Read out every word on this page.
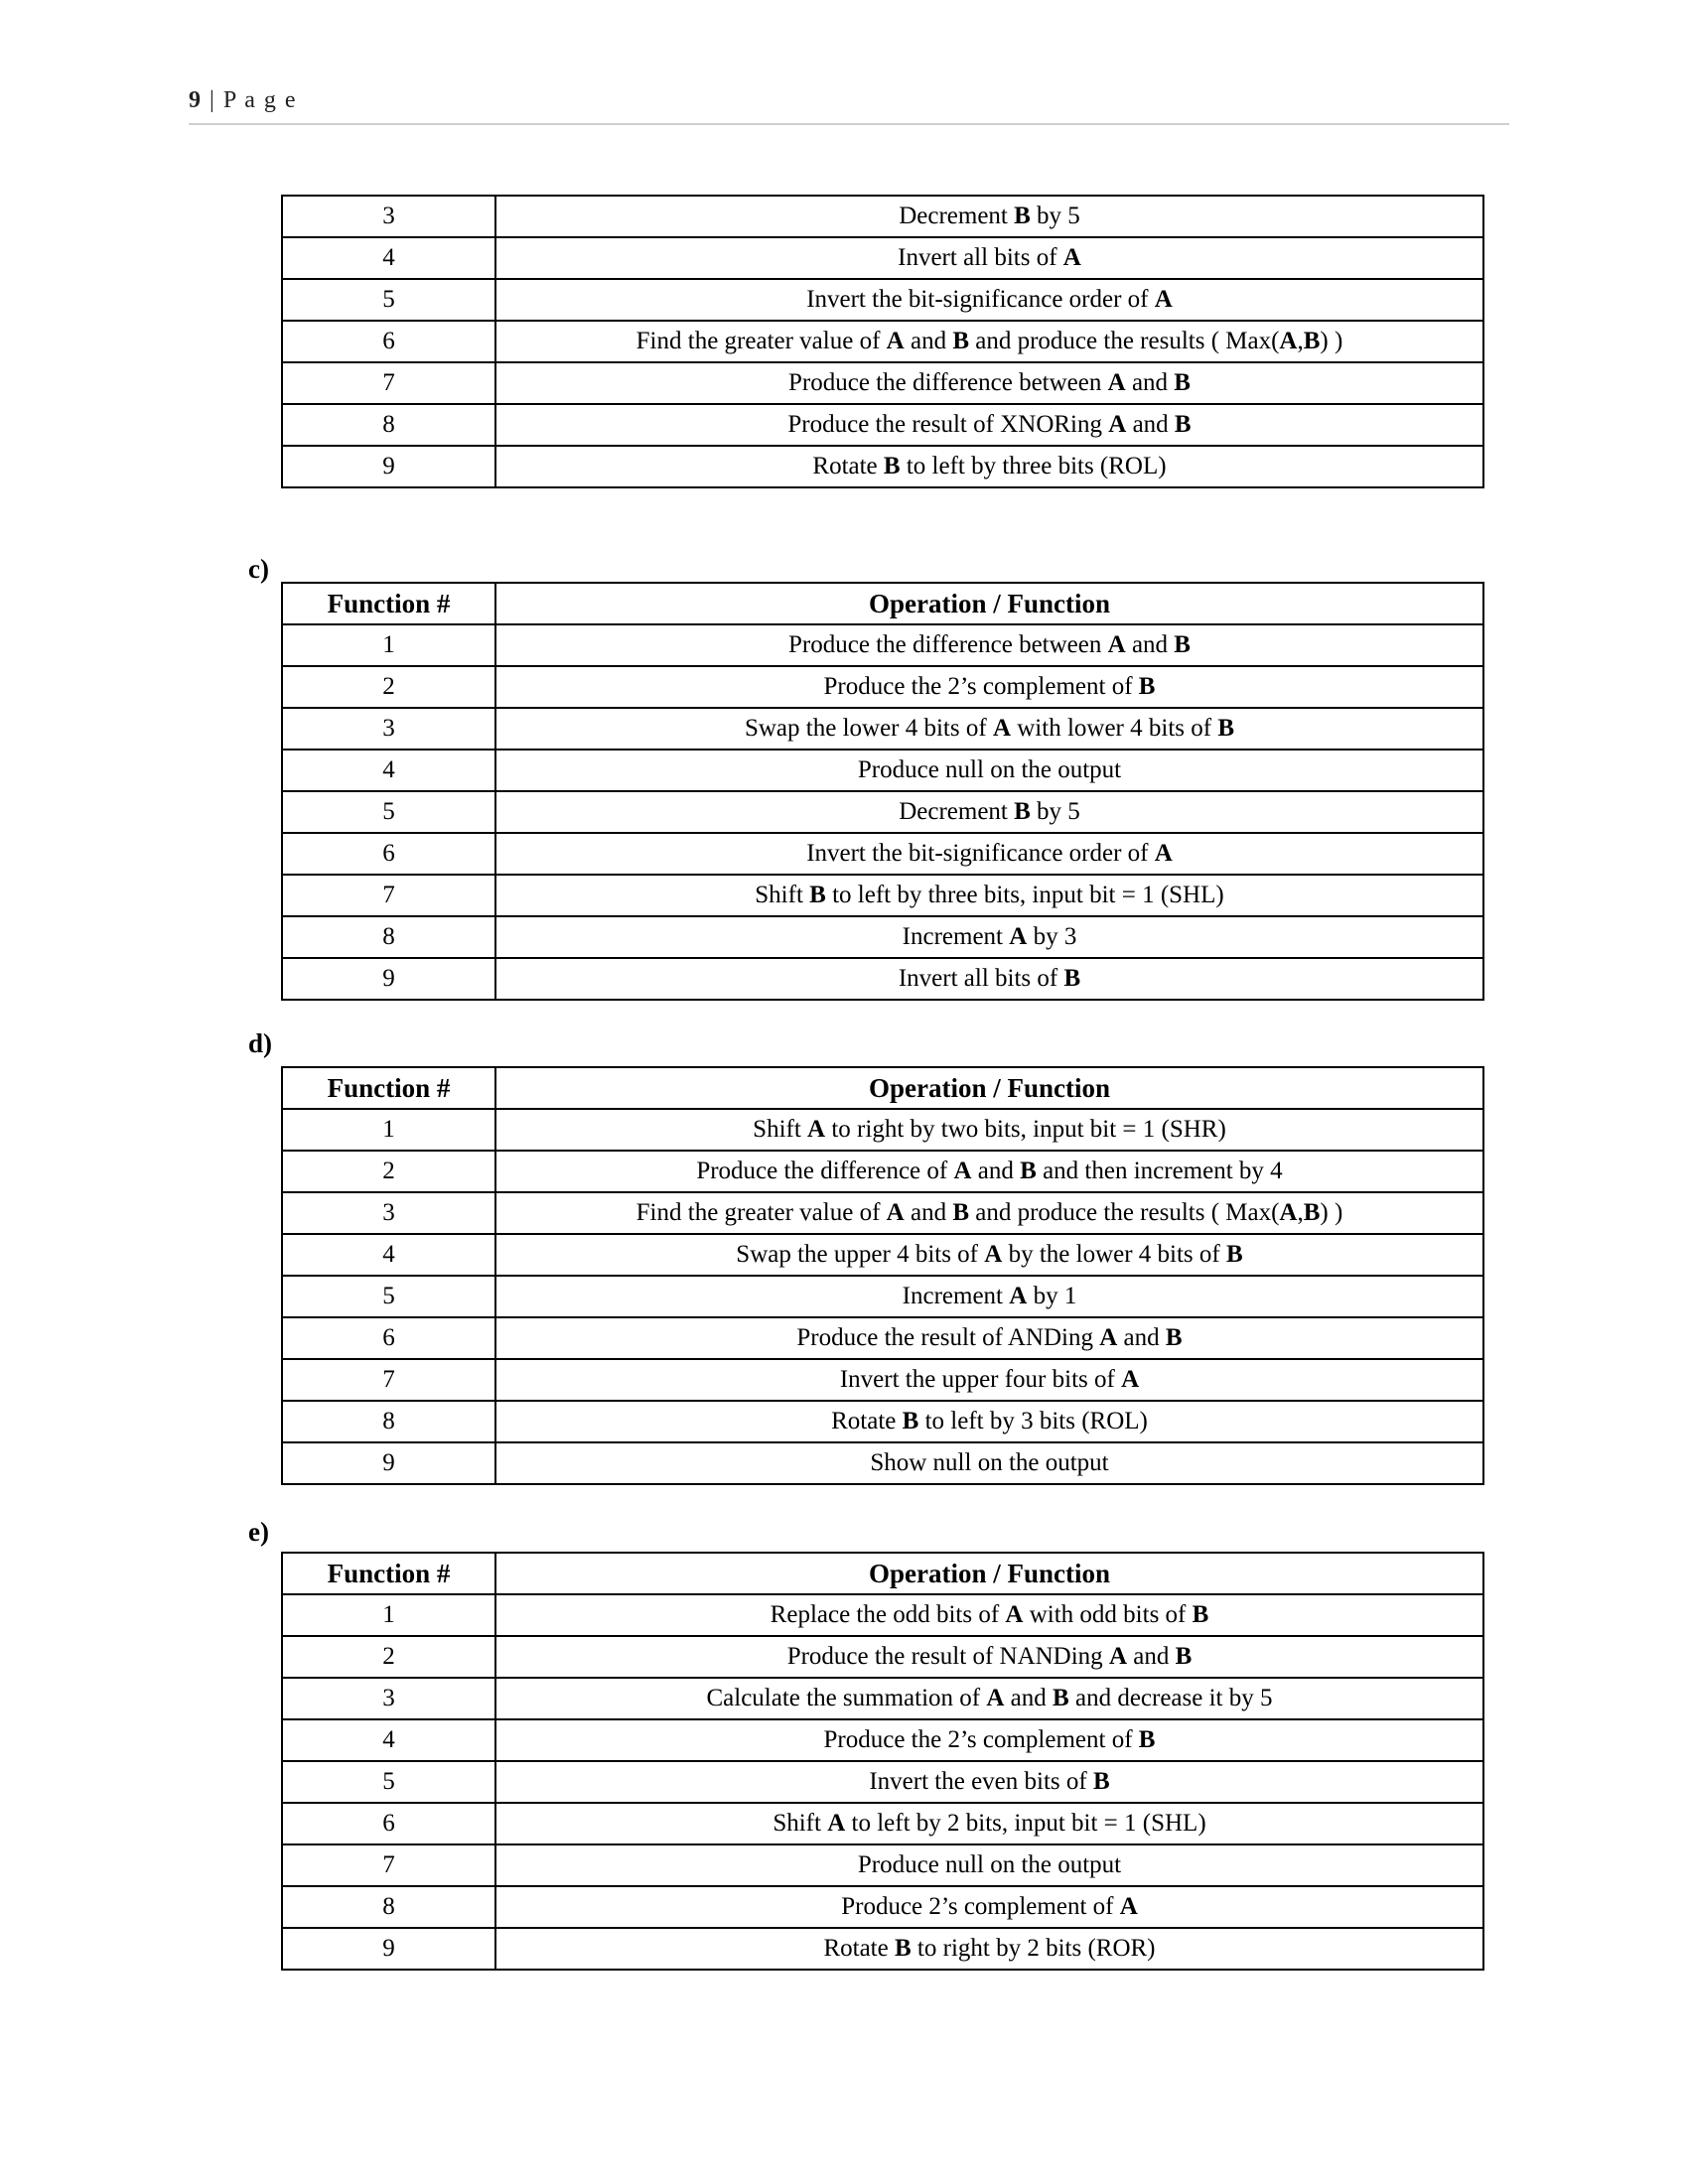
9 | P a g e
c)
d)
e)
3	Decrement B by 5
4	Invert all bits of A
5	Invert the bit-significance order of A
6	Find the greater value of A and B and produce the results ( Max(A,B) )
7	Produce the difference between A and B
8	Produce the result of XNORing A and B
9	Rotate B to left by three bits (ROL)
Function #	Operation / Function
1	Produce the difference between A and B
2	Produce the 2’s complement of B
3	Swap the lower 4 bits of A with lower 4 bits of B
4	Produce null on the output
5	Decrement B by 5
6	Invert the bit-significance order of A
7	Shift B to left by three bits, input bit = 1 (SHL)
8	Increment A by 3
9	Invert all bits of B
Function #	Operation / Function
1	Shift A to right by two bits, input bit = 1 (SHR)
2	Produce the difference of A and B and then increment by 4
3	Find the greater value of A and B and produce the results ( Max(A,B) )
4	Swap the upper 4 bits of A by the lower 4 bits of B
5	Increment A by 1
6	Produce the result of ANDing A and B
7	Invert the upper four bits of A
8	Rotate B to left by 3 bits (ROL)
9	Show null on the output
Function #	Operation / Function
1	Replace the odd bits of A with odd bits of B
2	Produce the result of NANDing A and B
3	Calculate the summation of A and B and decrease it by 5
4	Produce the 2’s complement of B
5	Invert the even bits of B
6	Shift A to left by 2 bits, input bit = 1 (SHL)
7	Produce null on the output
8	Produce 2’s complement of A
9	Rotate B to right by 2 bits (ROR)
